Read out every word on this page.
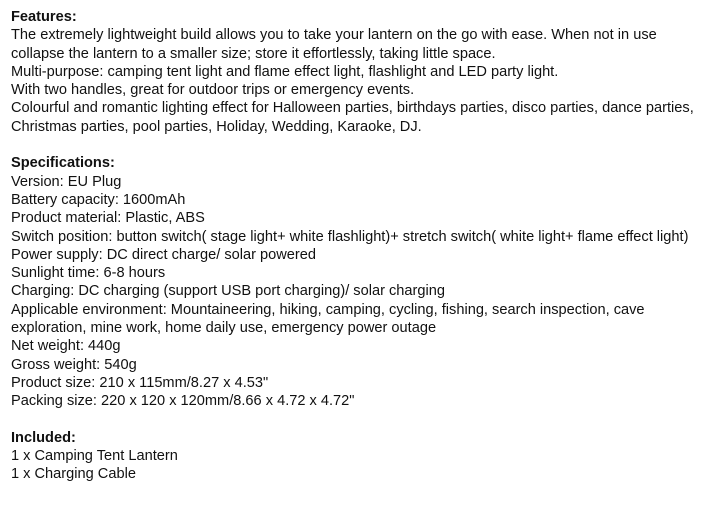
Features:

The extremely lightweight build allows you to take your lantern on the go with ease. When not in use collapse the lantern to a smaller size; store it effortlessly, taking little space.

Multi-purpose: camping tent light and flame effect light, flashlight and LED party light.

With two handles, great for outdoor trips or emergency events.

Colourful and romantic lighting effect for Halloween parties, birthdays parties, disco parties, dance parties, Christmas parties, pool parties, Holiday, Wedding, Karaoke, DJ.

Specifications:

Version: EU Plug

Battery capacity: 1600mAh

Product material: Plastic, ABS

Switch position: button switch( stage light+ white flashlight)+ stretch switch( white light+ flame effect light)

Power supply: DC direct charge/ solar powered

Sunlight time: 6-8 hours

Charging: DC charging (support USB port charging)/ solar charging

Applicable environment: Mountaineering, hiking, camping, cycling, fishing, search inspection, cave exploration, mine work, home daily use, emergency power outage

Net weight: 440g

Gross weight: 540g

Product size: 210 x 115mm/8.27 x 4.53"

Packing size: 220 x 120 x 120mm/8.66 x 4.72 x 4.72"

Included:

1 x Camping Tent Lantern

1 x Charging Cable
